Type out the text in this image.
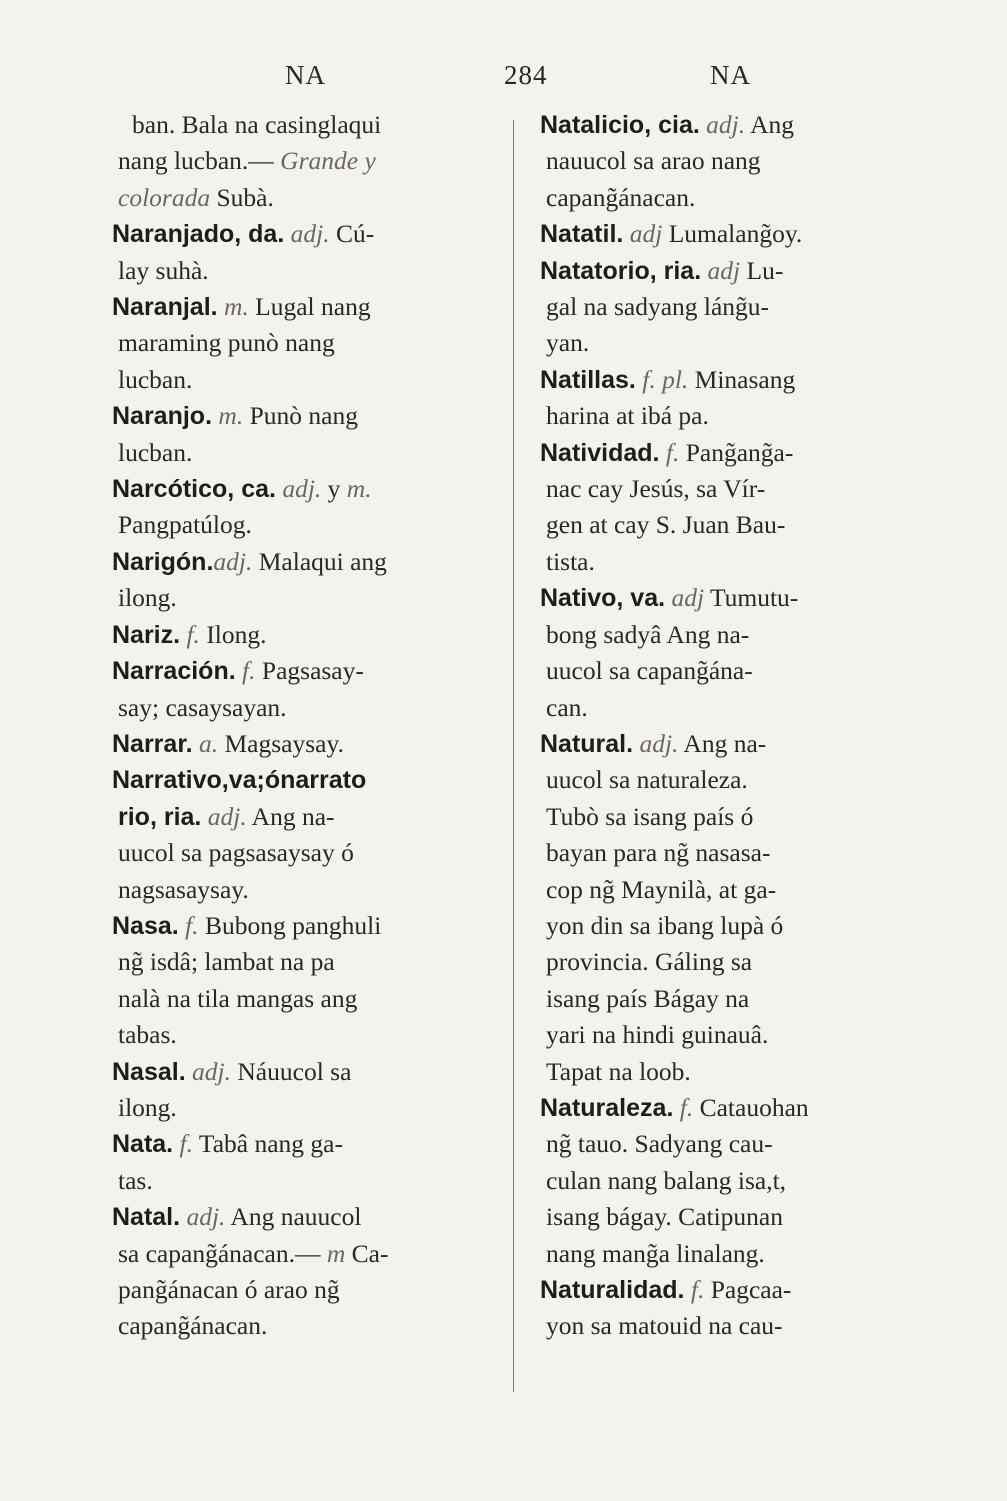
NA	284	NA
ban. Bala na casinglaqui
nang lucban.— Grande y
colorada Subà.
Naranjado, da. adj. Cú-
lay suhà.
Naranjal. m. Lugal nang
maraming punò nang
lucban.
Naranjo. m. Punò nang
lucban.
Narcótico, ca. adj. y m.
Pangpatúlog.
Narigón.adj. Malaqui ang
ilong.
Nariz. f. Ilong.
Narración. f. Pagsasay-
say; casaysayan.
Narrar. a. Magsaysay.
Narrativo,va;ónarrato
rio, ria. adj. Ang na-
uucol sa pagsasaysay ó
nagsasaysay.
Nasa. f. Bubong panghuli
ng̃ isdâ; lambat na pa
nalà na tila mangas ang
tabas.
Nasal. adj. Náuucol sa
ilong.
Nata. f. Tabâ nang ga-
tas.
Natal. adj. Ang nauucol
sa capang̃ánacan.— m Ca-
pang̃ánacan ó arao ng̃
capang̃ánacan.
Natalicio, cia. adj. Ang
nauucol sa arao nang
capang̃ánacan.
Natatil. adj Lumalang̃oy.
Natatorio, ria. adj Lu-
gal na sadyang láng̃u-
yan.
Natillas. f. pl. Minasang
harina at ibá pa.
Natividad. f. Pang̃ang̃a-
nac cay Jesús, sa Vír-
gen at cay S. Juan Bau-
tista.
Nativo, va. adj Tumutu-
bong sadyâ Ang na-
uucol sa capang̃ána-
can.
Natural. adj. Ang na-
uucol sa naturaleza.
Tubò sa isang país ó
bayan para ng̃ nasasa-
cop ng̃ Maynilà, at ga-
yon din sa ibang lupà ó
provincia. Gáling sa
isang país Bágay na
yari na hindi guinauâ.
Tapat na loob.
Naturaleza. f. Catauohan
ng̃ tauo. Sadyang cau-
culan nang balang isa,t,
isang bágay. Catipunan
nang mang̃a linalang.
Naturalidad. f. Pagcaa-
yon sa matouid na cau-
